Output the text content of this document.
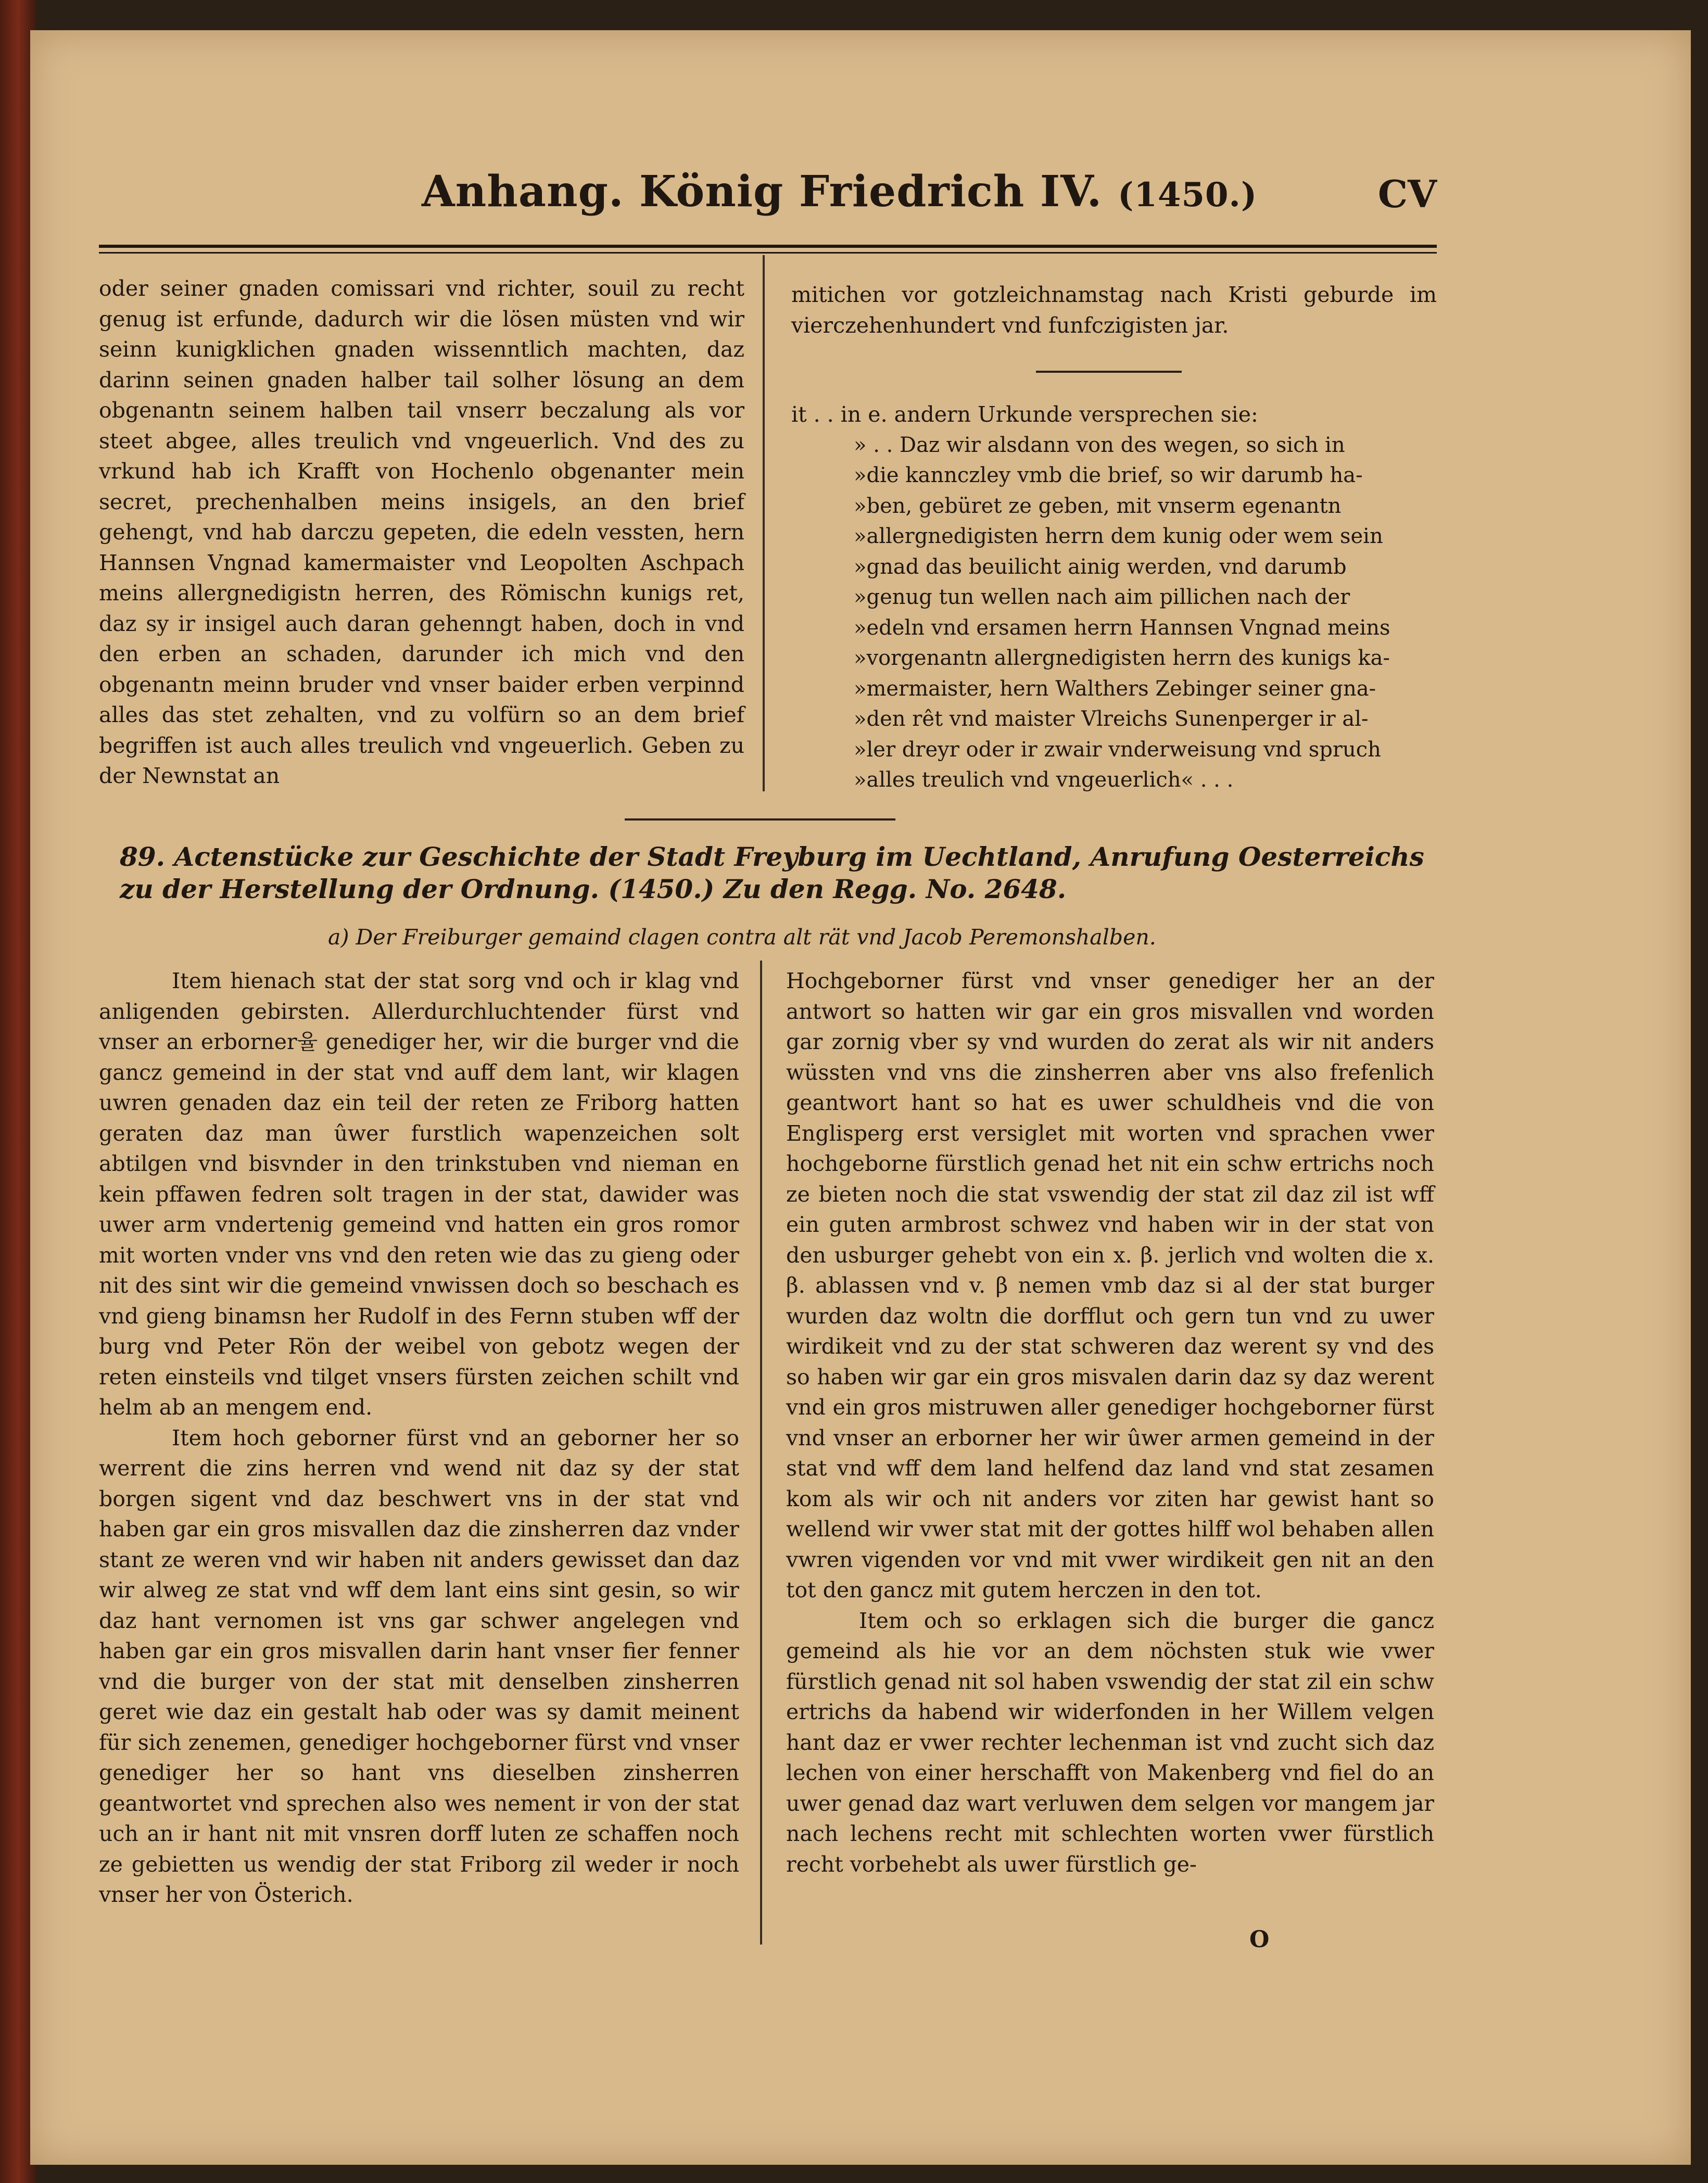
Anhang. König Friedrich IV. (1450.)	CV

oder seiner gnaden comissari vnd richter, souil zu recht genug ist erfunde, dadurch wir die lösen müsten vnd wir seinn kunigklichen gnaden wissenntlich machten, daz darinn seinen gnaden halber tail solher lösung an dem obgenantn seinem halben tail vnserr beczalung als vor steet abgee, alles treulich vnd vngeuerlich. Vnd des zu vrkund hab ich Krafft von Hochenlo obgenanter mein secret, prechenhalben meins insigels, an den brief gehengt, vnd hab darczu gepeten, die edeln vessten, hern Hannsen Vngnad kamermaister vnd Leopolten Aschpach meins allergnedigistn herren, des Römischn kunigs ret, daz sy ir insigel auch daran gehenngt haben, doch in vnd den erben an schaden, darunder ich mich vnd den obgenantn meinn bruder vnd vnser baider erben verpinnd alles das stet zehalten, vnd zu volfürn so an dem brief begriffen ist auch alles treulich vnd vngeuerlich. Geben zu der Newnstat an

mitichen vor gotzleichnamstag nach Kristi geburde im vierczehenhundert vnd funfczigisten jar.

it . . in e. andern Urkunde versprechen sie:

» . . Daz wir alsdann von des wegen, so sich in
»die kannczley vmb die brief, so wir darumb ha-
»ben, gebüret ze geben, mit vnserm egenantn
»allergnedigisten herrn dem kunig oder wem sein
»gnad das beuilicht ainig werden, vnd darumb
»genug tun wellen nach aim pillichen nach der
»edeln vnd ersamen herrn Hannsen Vngnad meins
»vorgenantn allergnedigisten herrn des kunigs ka-
»mermaister, hern Walthers Zebinger seiner gna-
»den rêt vnd maister Vlreichs Sunenperger ir al-
»ler dreyr oder ir zwair vnderweisung vnd spruch
»alles treulich vnd vngeuerlich« . . .
89. Actenstücke zur Geschichte der Stadt Freyburg im Uechtland, Anrufung Oesterreichs zu der Herstellung der Ordnung. (1450.) Zu den Regg. No. 2648.
a) Der Freiburger gemaind clagen contra alt rät vnd Jacob Peremonshalben.

Item hienach stat der stat sorg vnd och ir klag vnd anligenden gebirsten. Allerdurchluchtender fürst vnd vnser an erborner율 genediger her, wir die burger vnd die gancz gemeind in der stat vnd auff dem lant, wir klagen uwren genaden daz ein teil der reten ze Friborg hatten geraten daz man ûwer furstlich wapenzeichen solt abtilgen vnd bisvnder in den trinkstuben vnd nieman en kein pffawen fedren solt tragen in der stat, dawider was uwer arm vndertenig gemeind vnd hatten ein gros romor mit worten vnder vns vnd den reten wie das zu gieng oder nit des sint wir die gemeind vnwissen doch so beschach es vnd gieng binamsn her Rudolf in des Fernn stuben wff der burg vnd Peter Rön der weibel von gebotz wegen der reten einsteils vnd tilget vnsers fürsten zeichen schilt vnd helm ab an mengem end.

Item hoch geborner fürst vnd an geborner her so werrent die zins herren vnd wend nit daz sy der stat borgen sigent vnd daz beschwert vns in der stat vnd haben gar ein gros misvallen daz die zinsherren daz vnder stant ze weren vnd wir haben nit anders gewisset dan daz wir alweg ze stat vnd wff dem lant eins sint gesin, so wir daz hant vernomen ist vns gar schwer angelegen vnd haben gar ein gros misvallen darin hant vnser fier fenner vnd die burger von der stat mit denselben zinsherren geret wie daz ein gestalt hab oder was sy damit meinent für sich zenemen, genediger hochgeborner fürst vnd vnser genediger her so hant vns dieselben zinsherren geantwortet vnd sprechen also wes nement ir von der stat uch an ir hant nit mit vnsren dorff luten ze schaffen noch ze gebietten us wendig der stat Friborg zil weder ir noch vnser her von Österich.

Hochgeborner fürst vnd vnser genediger her an der antwort so hatten wir gar ein gros misvallen vnd worden gar zornig vber sy vnd wurden do zerat als wir nit anders wüssten vnd vns die zinsherren aber vns also frefenlich geantwort hant so hat es uwer schuldheis vnd die von Englisperg erst versiglet mit worten vnd sprachen vwer hochgeborne fürstlich genad het nit ein schw ertrichs noch ze bieten noch die stat vswendig der stat zil daz zil ist wff ein guten armbrost schwez vnd haben wir in der stat von den usburger gehebt von ein x. β. jerlich vnd wolten die x. β. ablassen vnd v. β nemen vmb daz si al der stat burger wurden daz woltn die dorfflut och gern tun vnd zu uwer wirdikeit vnd zu der stat schweren daz werent sy vnd des so haben wir gar ein gros misvalen darin daz sy daz werent vnd ein gros mistruwen aller genediger hochgeborner fürst vnd vnser an erborner her wir ûwer armen gemeind in der stat vnd wff dem land helfend daz land vnd stat zesamen kom als wir och nit anders vor ziten har gewist hant so wellend wir vwer stat mit der gottes hilff wol behaben allen vwren vigenden vor vnd mit vwer wirdikeit gen nit an den tot den gancz mit gutem herczen in den tot.

Item och so erklagen sich die burger die gancz gemeind als hie vor an dem nöchsten stuk wie vwer fürstlich genad nit sol haben vswendig der stat zil ein schw ertrichs da habend wir widerfonden in her Willem velgen hant daz er vwer rechter lechenman ist vnd zucht sich daz lechen von einer herschafft von Makenberg vnd fiel do an uwer genad daz wart verluwen dem selgen vor mangem jar nach lechens recht mit schlechten worten vwer fürstlich recht vorbehebt als uwer fürstlich ge-

O
